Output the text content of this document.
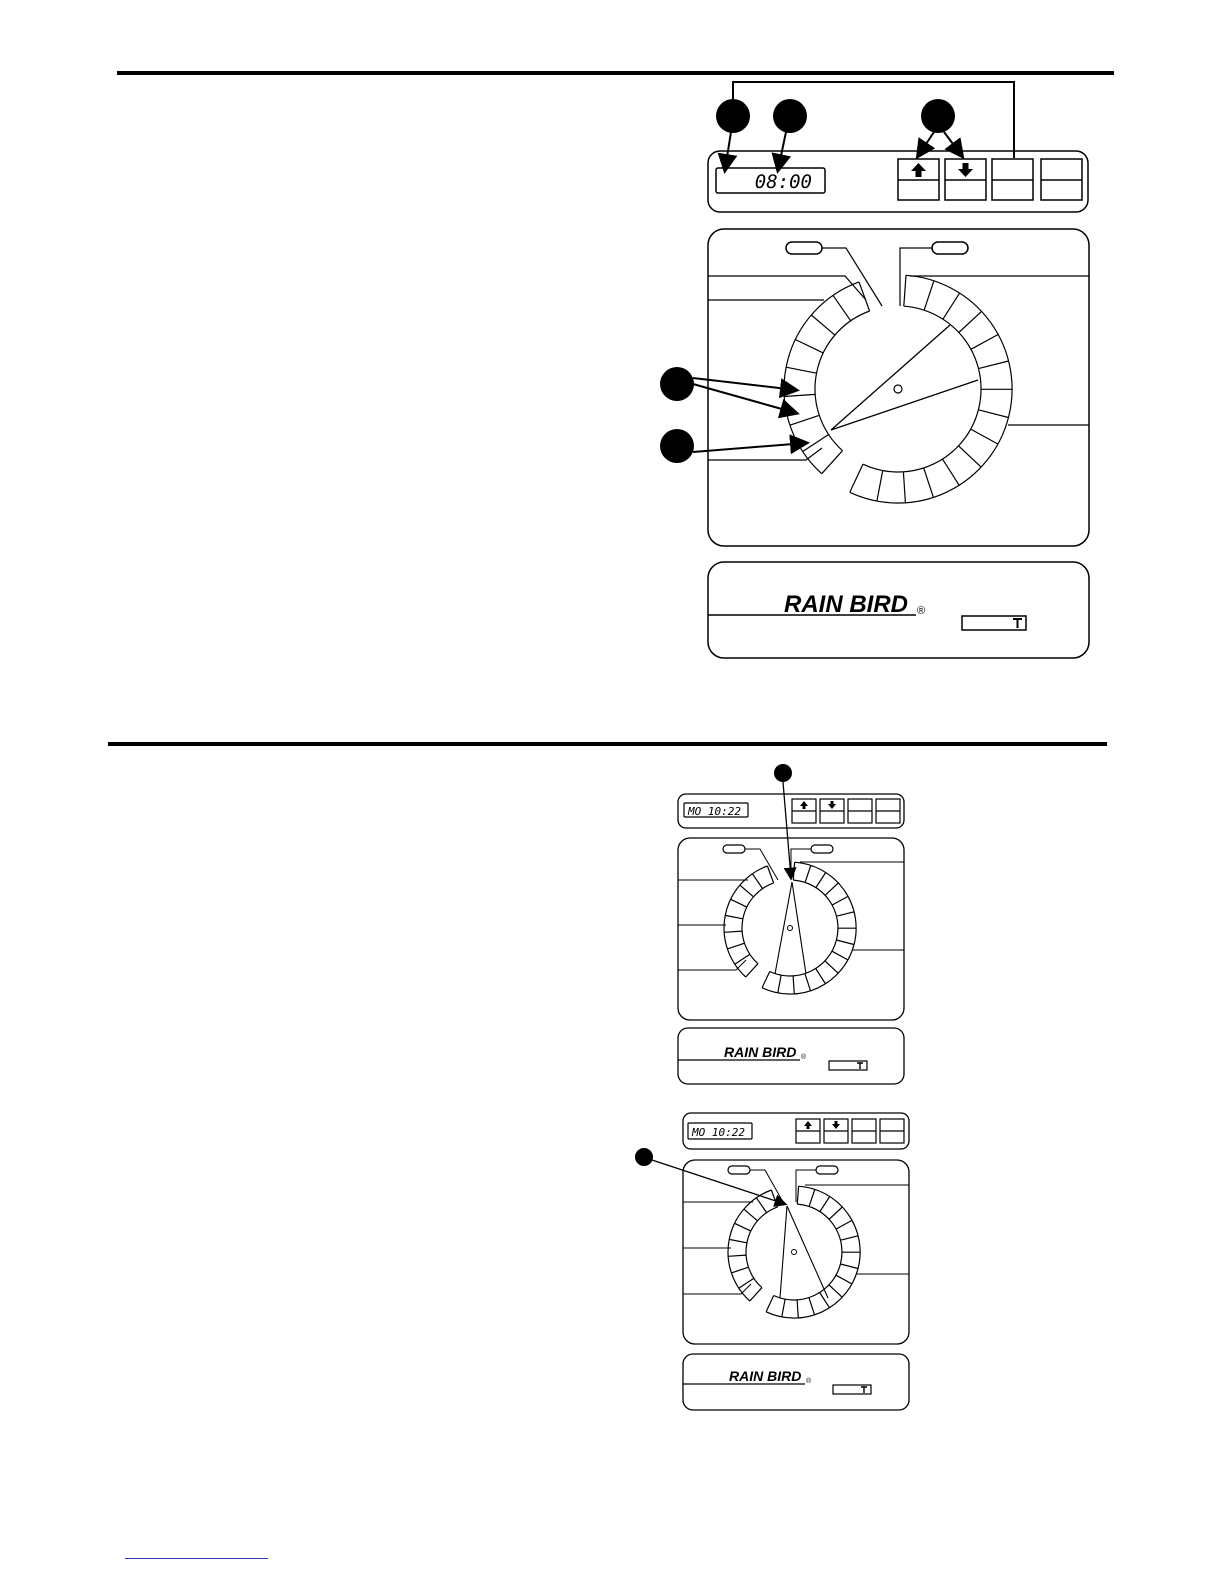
08:00
RAIN BIRD ®
MO 10:22
RAIN BIRD ®
MO 10:22
RAIN BIRD ®
